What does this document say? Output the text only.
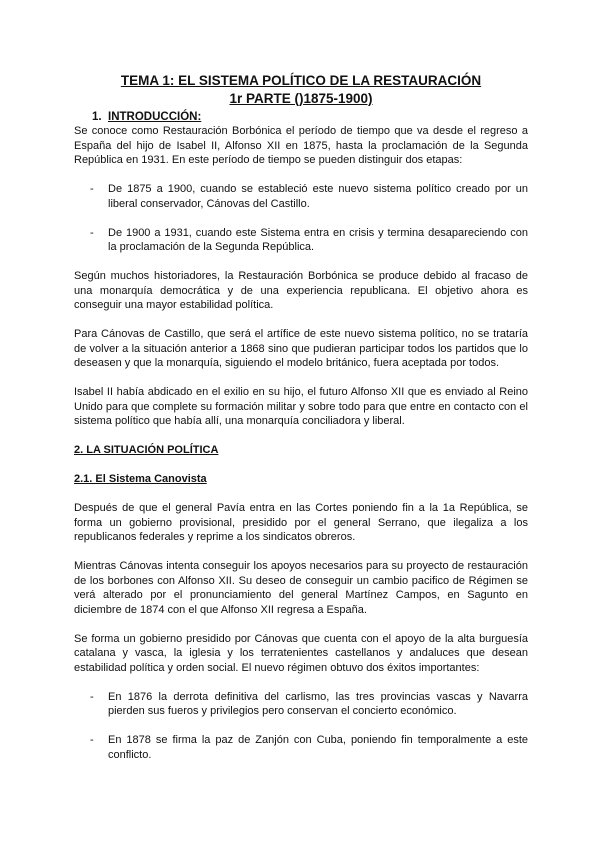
TEMA 1: EL SISTEMA POLÍTICO DE LA RESTAURACIÓN
1r PARTE ()1875-1900)
1. INTRODUCCIÓN:

Se conoce como Restauración Borbónica el período de tiempo que va desde el regreso a España del hijo de Isabel II, Alfonso XII en 1875, hasta la proclamación de la Segunda República en 1931. En este período de tiempo se pueden distinguir dos etapas:

-	De 1875 a 1900, cuando se estableció este nuevo sistema político creado por un liberal conservador, Cánovas del Castillo.
-	De 1900 a 1931, cuando este Sistema entra en crisis y termina desapareciendo con la proclamación de la Segunda República.

Según muchos historiadores, la Restauración Borbónica se produce debido al fracaso de una monarquía democrática y de una experiencia republicana. El objetivo ahora es conseguir una mayor estabilidad política.

Para Cánovas de Castillo, que será el artífice de este nuevo sistema político, no se trataría de volver a la situación anterior a 1868 sino que pudieran participar todos los partidos que lo deseasen y que la monarquía, siguiendo el modelo británico, fuera aceptada por todos.

Isabel II había abdicado en el exilio en su hijo, el futuro Alfonso XII que es enviado al Reino Unido para que complete su formación militar y sobre todo para que entre en contacto con el sistema político que había allí, una monarquía conciliadora y liberal.

2. LA SITUACIÓN POLÍTICA
2.1. El Sistema Canovista

Después de que el general Pavía entra en las Cortes poniendo fin a la 1a República, se forma un gobierno provisional, presidido por el general Serrano, que ilegaliza a los republicanos federales y reprime a los sindicatos obreros.

Mientras Cánovas intenta conseguir los apoyos necesarios para su proyecto de restauración de los borbones con Alfonso XII. Su deseo de conseguir un cambio pacifico de Régimen se verá alterado por el pronunciamiento del general Martínez Campos, en Sagunto en diciembre de 1874 con el que Alfonso XII regresa a España.

Se forma un gobierno presidido por Cánovas que cuenta con el apoyo de la alta burguesía catalana y vasca, la iglesia y los terratenientes castellanos y andaluces que desean estabilidad política y orden social. El nuevo régimen obtuvo dos éxitos importantes:

-	En 1876 la derrota definitiva del carlismo, las tres provincias vascas y Navarra pierden sus fueros y privilegios pero conservan el concierto económico.
-	En 1878 se firma la paz de Zanjón con Cuba, poniendo fin temporalmente a este conflicto.
